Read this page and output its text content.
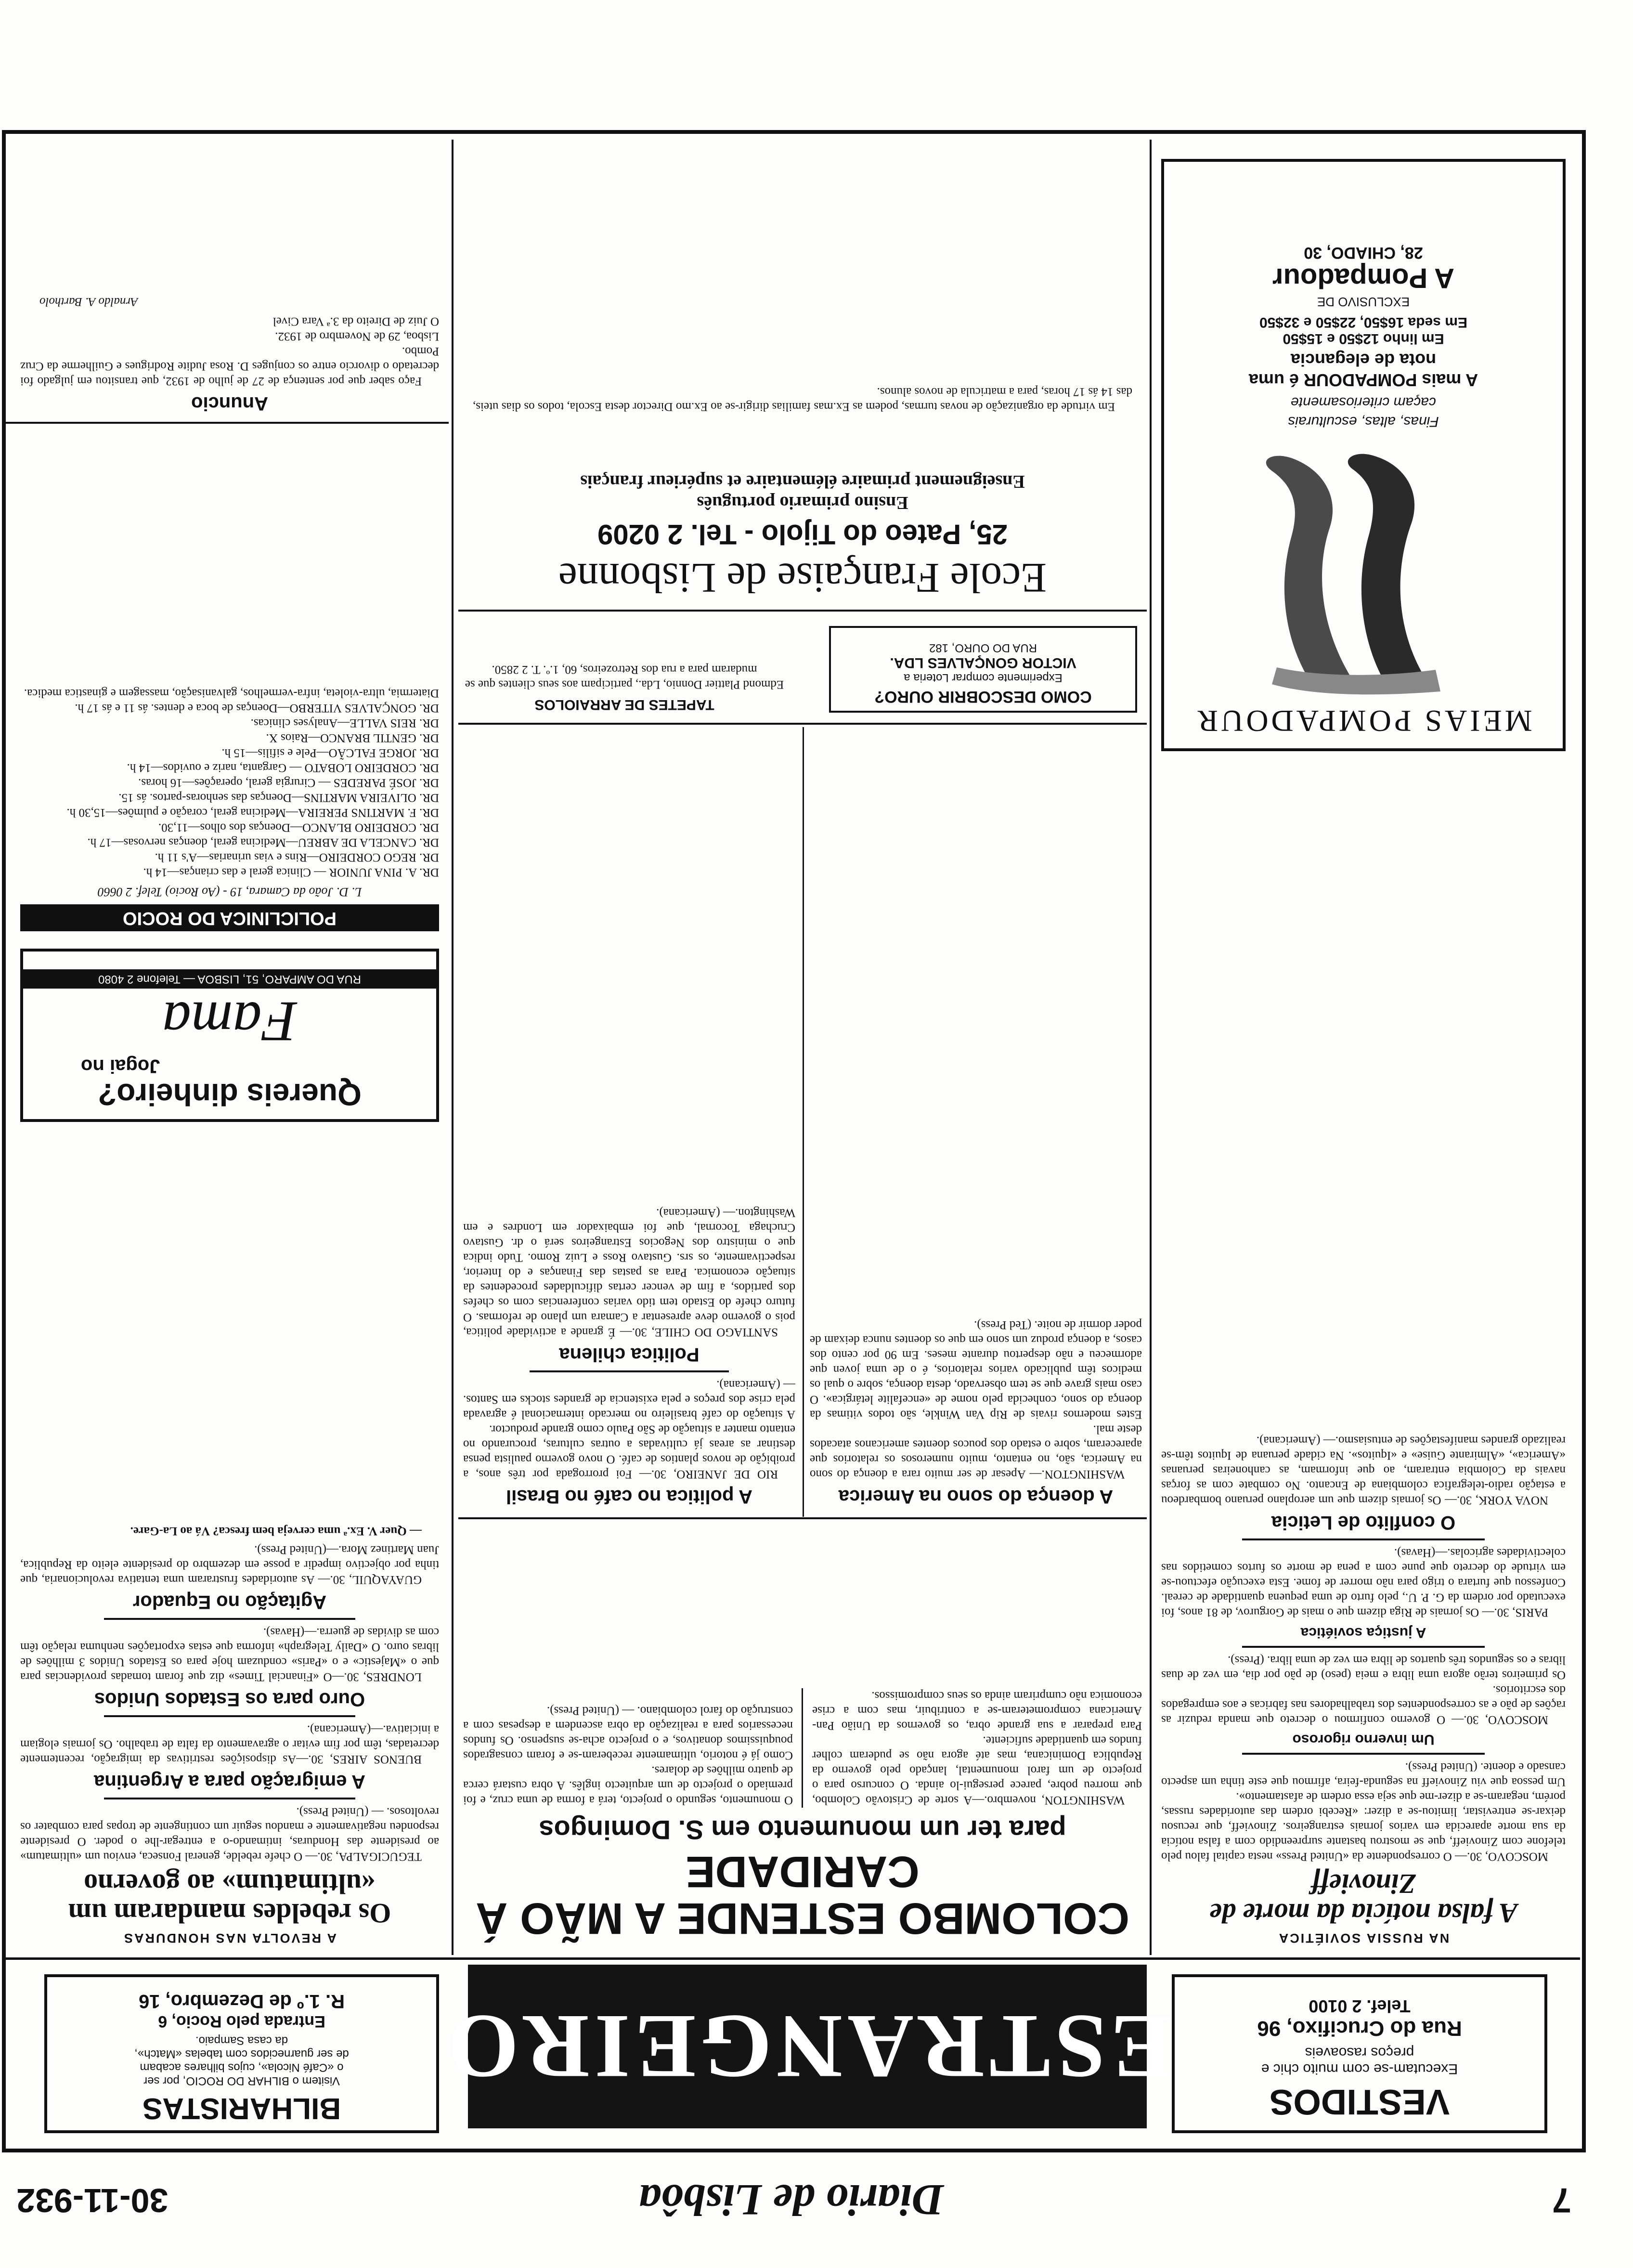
7
Diario de Lisbôa
30-11-932
VESTIDOS
Executam-se com muito chic e
preços rasoaveis
Rua do Crucifixo, 96
Telef. 2 0100
ESTRANGEIRO
BILHARISTAS
Visitem o BILHAR DO ROCIO, por ser
o «Café Nicola», cujos bilhares acabam
de ser guarnecidos com tabelas «Match»,
da casa Sampaio.
Entrada pelo Rocio, 6
R. 1.º de Dezembro, 16
NA RUSSIA SOVIÉTICA
A falsa notícia da morte de Zinovieff

MOSCOVO, 30.— O correspondente da «United Press» nesta capital falou pelo telefone com Zinovieff, que se mostrou bastante surpreendido com a falsa notícia da sua morte aparecida em varios jornais estrangeiros. Zinovieff, que recusou deixar-se entrevistar, limitou-se a dizer: «Recebi ordem das autoridades russas, porém, negaram-se a dizer-me que seja essa ordem de afastamento».
Um pessoa que viu Zinovieff na segunda-feira, afirmou que este tinha um aspecto cansado e doente. (United Press).

Um inverno rigoroso

MOSCOVO, 30.— O governo confirmou o decreto que manda reduzir as rações de pão e as correspondentes dos trabalhadores nas fabricas e aos empregados dos escritorios.
Os primeiros terão agora uma libra e meia (peso) de pão por dia, em vez de duas libras e os segundos três quartos de libra em vez de uma libra. (Press).

A justiça soviética

PARIS, 30.— Os jornais de Riga dizem que o mais de Gorgurov, de 81 anos, foi executado por ordem da G. P. U., pelo furto de uma pequena quantidade de cereal. Confessou que furtara o trigo para não morrer de fome. Esta execução efectuou-se em virtude do decreto que pune com a pena de morte os furtos cometidos nas colectividades agricolas.—(Havas).

O conflito de Leticia

NOVA YORK, 30.— Os jornais dizem que um aeroplano peruano bombardeou a estação radio-telegrafica colombiana de Encanto. No combate com as forças navais da Colombia entraram, ao que informam, as canhoneiras peruanas «America», «Almirante Guise» e «Iquitos». Na cidade peruana de Iquitos têm-se realizado grandes manifestações de entusiasmo.— (Americana).

MEIAS POMPADOUR
Finas, altas, esculturais
caçam criteriosamente
A mais POMPADOUR é uma
nota de elegancia
Em linho 12$50 e 15$50
Em seda 16$50, 22$50 e 32$50
EXCLUSIVO DE
A Pompadour
28, CHIADO, 30
COLOMBO ESTENDE A MÃO Á CARIDADE
para ter um monumento em S. Domingos

WASHINGTON, novembro.—A sorte de Cristovão Colombo, que morreu pobre, parece persegui-lo ainda. O concurso para o projecto de um farol monumental, lançado pelo governo da Republica Dominicana, mas até agora não se puderam colher fundos em quantidade suficiente.
Para preparar a sua grande obra, os governos da União Pan-Americana comprometeram-se a contribuir, mas com a crise economica não cumpriram ainda os seus compromissos.
O monumento, segundo o projecto, terá a forma de uma cruz, e foi premiado o projecto de um arquitecto inglês. A obra custará cerca de quatro milhões de dolares.
Como já é notorio, ultimamente receberam-se e foram consagrados pouquissimos donativos, e o projecto acha-se suspenso. Os fundos necessarios para a realização da obra ascendem a despesas com a construção do farol colombiano. — (United Press).

A doença do sono na America

WASHINGTON.— Apesar de ser muito rara a doença do sono na America, são, no entanto, muito numerosos os relatorios que apareceram, sobre o estado dos poucos doentes americanos atacados deste mal.
Estes modernos rivais de Rip Van Winkle, são todos vitimas da doença do sono, conhecida pelo nome de «encefalite letárgica». O caso mais grave que se tem observado, desta doença, sobre o qual os medicos têm publicado varios relatorios, é o de uma joven que adormeceu e não despertou durante meses. Em 90 por cento dos casos, a doença produz um sono em que os doentes nunca deixam de poder dormir de noite. (Ted Press).

A politica no café no Brasil

RIO DE JANEIRO, 30.— Foi prorrogada por três anos, a proibição de novos plantios de café. O novo governo paulista pensa destinar as areas já cultivadas a outras culturas, procurando no entanto manter a situação de São Paulo como grande productor.
A situação do café brasileiro no mercado internacional é agravada pela crise dos preços e pela existencia de grandes stocks em Santos. — (Americana).

Politica chilena

SANTIAGO DO CHILE, 30.— É grande a actividade politica, pois o governo deve apresentar a Camara um plano de reformas. O futuro chefe do Estado tem tido varias conferencias com os chefes dos partidos, a fim de vencer certas dificuldades procedentes da situação economica. Para as pastas das Finanças e do Interior, respectivamente, os srs. Gustavo Ross e Luiz Romo. Tudo indica que o ministro dos Negocios Estrangeiros será o dr. Gustavo Cruchaga Tocornal, que foi embaixador em Londres e em Washington.— (Americana).

COMO DESCOBRIR OURO?
Experimente comprar Loteria a
VICTOR GONÇALVES LDA.
RUA DO OURO, 182
TAPETES DE ARRAIOLOS

Edmond Plattier Donnio, Lda., participam aos seus clientes que se mudaram para a rua dos Retrozeiros, 60, 1.º. T. 2 2850.

Ecole Française de Lisbonne
25, Pateo do Tijolo - Tel. 2 0209
Ensino primario português
Enseignement primaire élémentaire et supérieur français

Em virtude da organização de novas turmas, podem as Ex.mas familias dirigir-se ao Ex.mo Director desta Escola, todos os dias uteis, das 14 ás 17 horas, para a matricula de novos alunos.

A REVOLTA NAS HONDURAS
Os rebeldes mandaram um «ultimatum» ao governo

TEGUCIGALPA, 30.— O chefe rebelde, general Fonseca, enviou um «ultimatum» ao presidente das Honduras, intimando-o a entregar-lhe o poder. O presidente respondeu negativamente e mandou seguir um contingente de tropas para combater os revoltosos. — (United Press).

A emigração para a Argentina

BUENOS AIRES, 30.—As disposições restritivas da imigração, recentemente decretadas, têm por fim evitar o agravamento da falta de trabalho. Os jornais elogiam a iniciativa.—(Americana).

Ouro para os Estados Unidos

LONDRES, 30.—O «Financial Times» diz que foram tomadas providencias para que o «Majestic» e o «Paris» conduzam hoje para os Estados Unidos 3 milhões de libras ouro. O «Daily Telegraph» informa que estas exportações nenhuma relação têm com as dividas de guerra.—(Havas).

Agitação no Equador

GUAYAQUIL, 30.— As autoridades frustraram uma tentativa revolucionaria, que tinha por objectivo impedir a posse em dezembro do presidente eleito da Republica, Juan Martinez Mora.—(United Press).

— Quer V. Ex.ª uma cerveja bem fresca? Vá ao La-Gare.

Quereis dinheiro?
Jogai no
Fama
RUA DO AMPARO, 51, LISBOA — Telefone 2 4080
POLICLINICA DO ROCIO
L. D. João da Camara, 19 - (Ao Rocio) Telef. 2 0660

DR. A. PINA JUNIOR — Clinica geral e das crianças—14 h.
DR. REGO CORDEIRO—Rins e vias urinarias—A's 11 h.
DR. CANCELA DE ABREU—Medicina geral, doenças nervosas—17 h.
DR. CORDEIRO BLANCO—Doenças dos olhos—11,30.
DR. F. MARTINS PEREIRA—Medicina geral, coração e pulmões—15,30 h.
DR. OLIVEIRA MARTINS—Doenças das senhoras-partos. ás 15.
DR. JOSÉ PAREDES — Cirurgia geral, operações—16 horas.
DR. CORDEIRO LOBATO — Garganta, nariz e ouvidos—14 h.
DR. JORGE FALCÃO—Pele e sifilis—15 h.
DR. GENTIL BRANCO—Raios X.
DR. REIS VALLE—Analyses clinicas.
DR. GONÇALVES VITERBO—Doenças de boca e dentes. ás 11 e ás 17 h.
Diatermia, ultra-violeta, infra-vermelhos, galvanisação, massagem e ginastica medica.

Anuncio

Faço saber que por sentença de 27 de julho de 1932, que transitou em julgado foi decretado o divorcio entre os conjuges D. Rosa Judite Rodrigues e Guilherme da Cruz Pombo.
Lisboa, 29 de Novembro de 1932.
O Juiz de Direito da 3.ª Vara Civel

Arnaldo A. Bartholo
